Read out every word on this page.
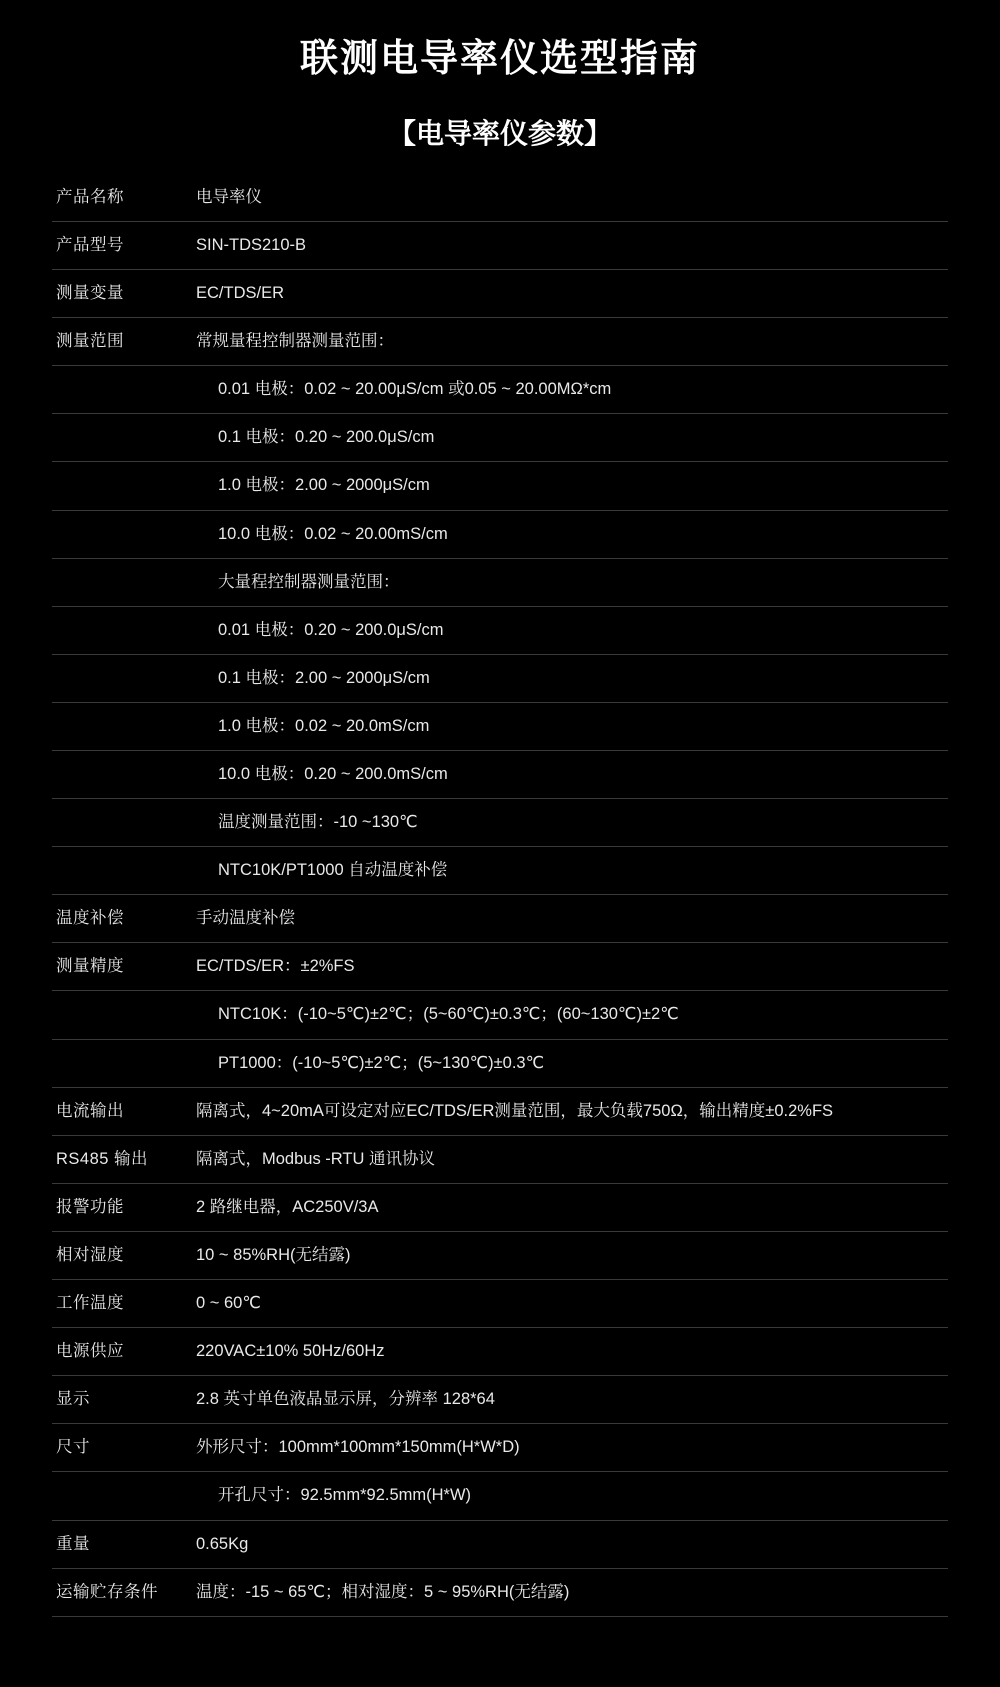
联测电导率仪选型指南
【电导率仪参数】
产品名称	电导率仪
产品型号	SIN-TDS210-B
测量变量	EC/TDS/ER
测量范围	常规量程控制器测量范围：
	0.01 电极：0.02 ~ 20.00μS/cm 或0.05 ~ 20.00MΩ*cm
	0.1 电极：0.20 ~ 200.0μS/cm
	1.0 电极：2.00 ~ 2000μS/cm
	10.0 电极：0.02 ~ 20.00mS/cm
	大量程控制器测量范围：
	0.01 电极：0.20 ~ 200.0μS/cm
	0.1 电极：2.00 ~ 2000μS/cm
	1.0 电极：0.02 ~ 20.0mS/cm
	10.0 电极：0.20 ~ 200.0mS/cm
	温度测量范围：-10 ~130℃
	NTC10K/PT1000 自动温度补偿
温度补偿	手动温度补偿
测量精度	EC/TDS/ER：±2%FS
	NTC10K：(-10~5℃)±2℃；(5~60℃)±0.3℃；(60~130℃)±2℃
	PT1000：(-10~5℃)±2℃；(5~130℃)±0.3℃
电流输出	隔离式，4~20mA可设定对应EC/TDS/ER测量范围，最大负载750Ω，输出精度±0.2%FS
RS485 输出	隔离式，Modbus -RTU 通讯协议
报警功能	2 路继电器，AC250V/3A
相对湿度	10 ~ 85%RH(无结露)
工作温度	0 ~ 60℃
电源供应	220VAC±10% 50Hz/60Hz
显示	2.8 英寸单色液晶显示屏，分辨率 128*64
尺寸	外形尺寸：100mm*100mm*150mm(H*W*D)
	开孔尺寸：92.5mm*92.5mm(H*W)
重量	0.65Kg
运输贮存条件	温度：-15 ~ 65℃；相对湿度：5 ~ 95%RH(无结露)
